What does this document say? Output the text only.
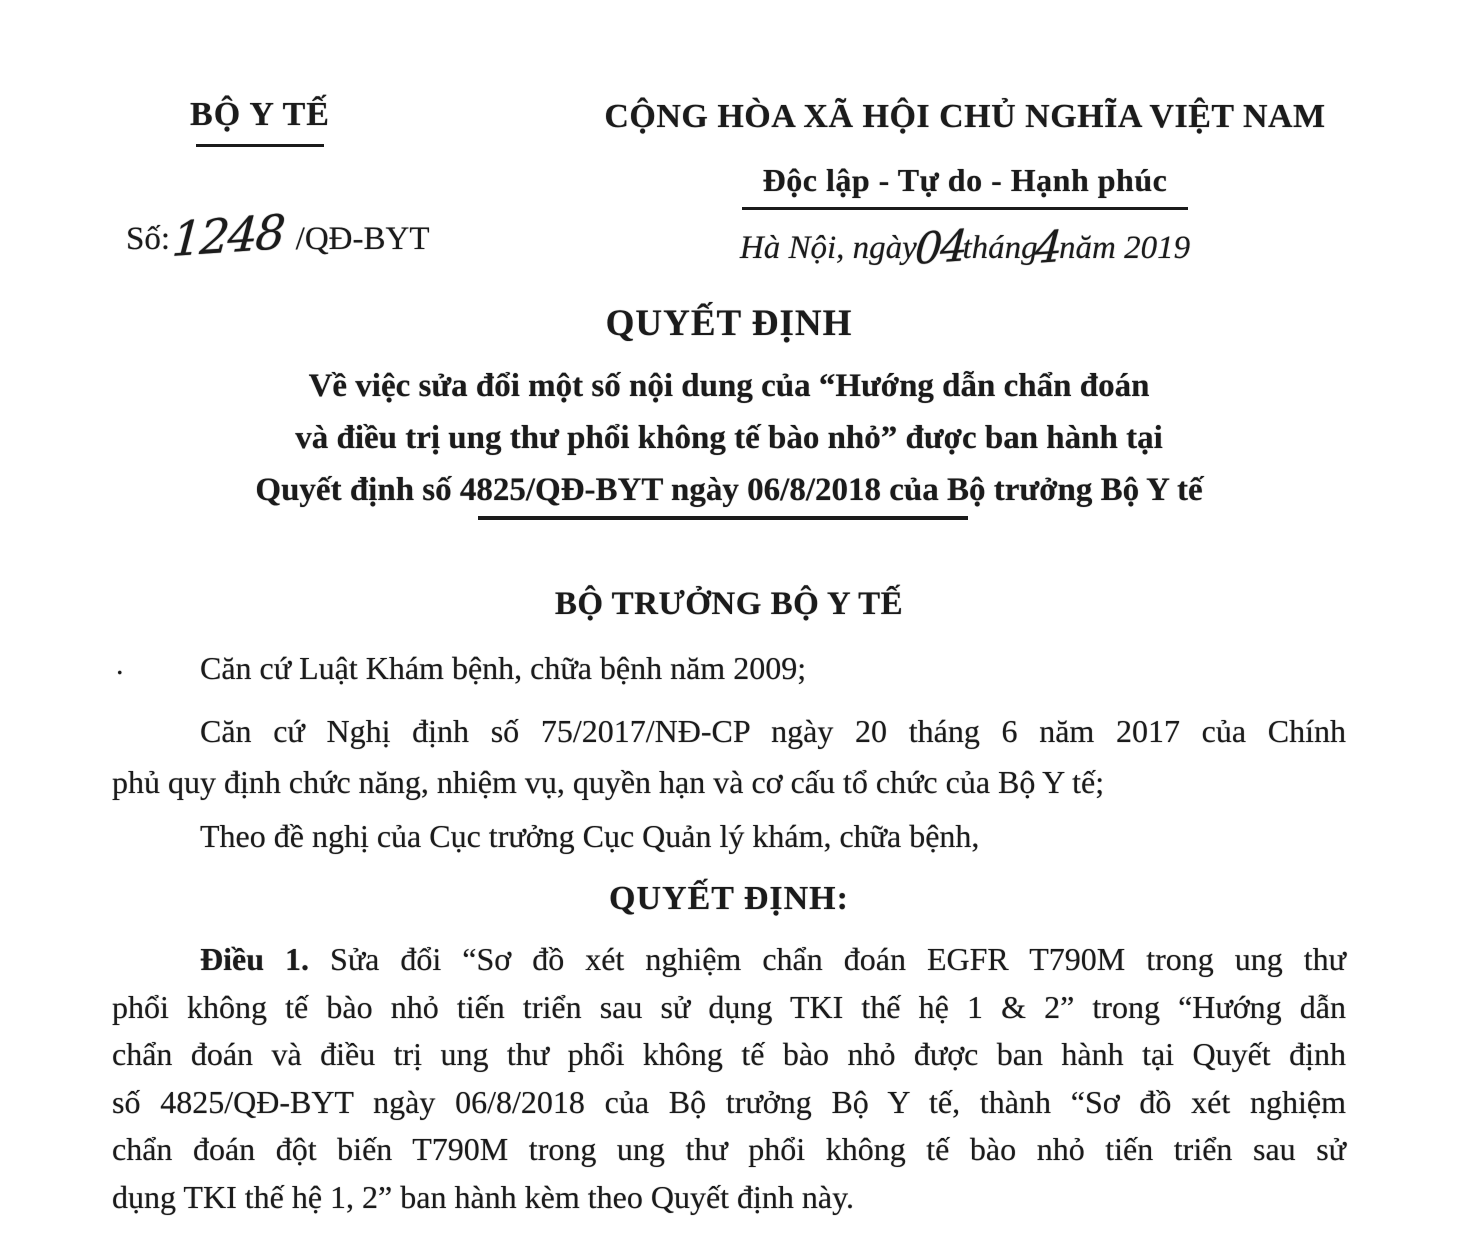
BỘ Y TẾ
Số:1248 /QĐ-BYT
CỘNG HÒA XÃ HỘI CHỦ NGHĨA VIỆT NAM
Độc lập - Tự do - Hạnh phúc
Hà Nội, ngày04tháng4năm 2019
QUYẾT ĐỊNH
Về việc sửa đổi một số nội dung của “Hướng dẫn chẩn đoán
và điều trị ung thư phổi không tế bào nhỏ” được ban hành tại
Quyết định số 4825/QĐ-BYT ngày 06/8/2018 của Bộ trưởng Bộ Y tế
BỘ TRƯỞNG BỘ Y TẾ
.	Căn cứ Luật Khám bệnh, chữa bệnh năm 2009;
Căn cứ Nghị định số 75/2017/NĐ-CP ngày 20 tháng 6 năm 2017 của Chính
phủ quy định chức năng, nhiệm vụ, quyền hạn và cơ cấu tổ chức của Bộ Y tế;
Theo đề nghị của Cục trưởng Cục Quản lý khám, chữa bệnh,
QUYẾT ĐỊNH:
Điều 1. Sửa đổi “Sơ đồ xét nghiệm chẩn đoán EGFR T790M trong ung thư
phổi không tế bào nhỏ tiến triển sau sử dụng TKI thế hệ 1 & 2” trong “Hướng dẫn
chẩn đoán và điều trị ung thư phổi không tế bào nhỏ được ban hành tại Quyết định
số 4825/QĐ-BYT ngày 06/8/2018 của Bộ trưởng Bộ Y tế, thành “Sơ đồ xét nghiệm
chẩn đoán đột biến T790M trong ung thư phổi không tế bào nhỏ tiến triển sau sử
dụng TKI thế hệ 1, 2” ban hành kèm theo Quyết định này.
